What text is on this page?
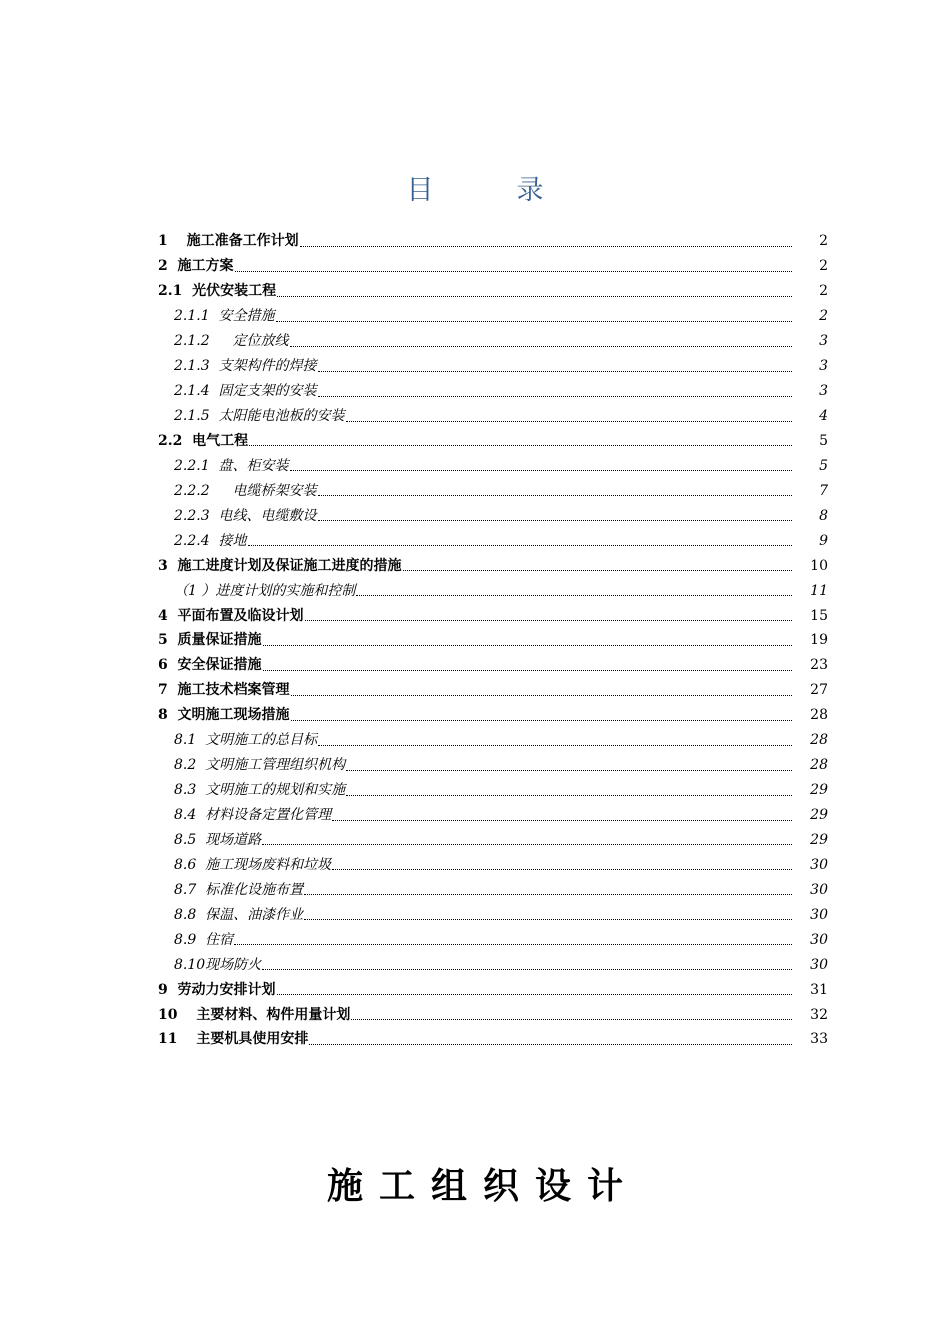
目　录
1　 施工准备工作计划	2
2  施工方案	2
2.1  光伏安装工程	2
2.1.1  安全措施	2
2.1.2 　 定位放线	3
2.1.3  支架构件的焊接	3
2.1.4  固定支架的安装	3
2.1.5  太阳能电池板的安装	4
2.2  电气工程	5
2.2.1  盘、柜安装	5
2.2.2 　 电缆桥架安装	7
2.2.3  电线、电缆敷设	8
2.2.4  接地	9
3  施工进度计划及保证施工进度的措施	10
（1 ）进度计划的实施和控制	11
4  平面布置及临设计划	15
5  质量保证措施	19
6  安全保证措施	23
7  施工技术档案管理	27
8  文明施工现场措施	28
8.1  文明施工的总目标	28
8.2  文明施工管理组织机构	28
8.3  文明施工的规划和实施	29
8.4  材料设备定置化管理	29
8.5  现场道路	29
8.6  施工现场废料和垃圾	30
8.7  标准化设施布置	30
8.8  保温、油漆作业	30
8.9  住宿	30
8.10现场防火	30
9  劳动力安排计划	31
10 　主要材料、构件用量计划	32
11 　主要机具使用安排	33
施工组织设计
